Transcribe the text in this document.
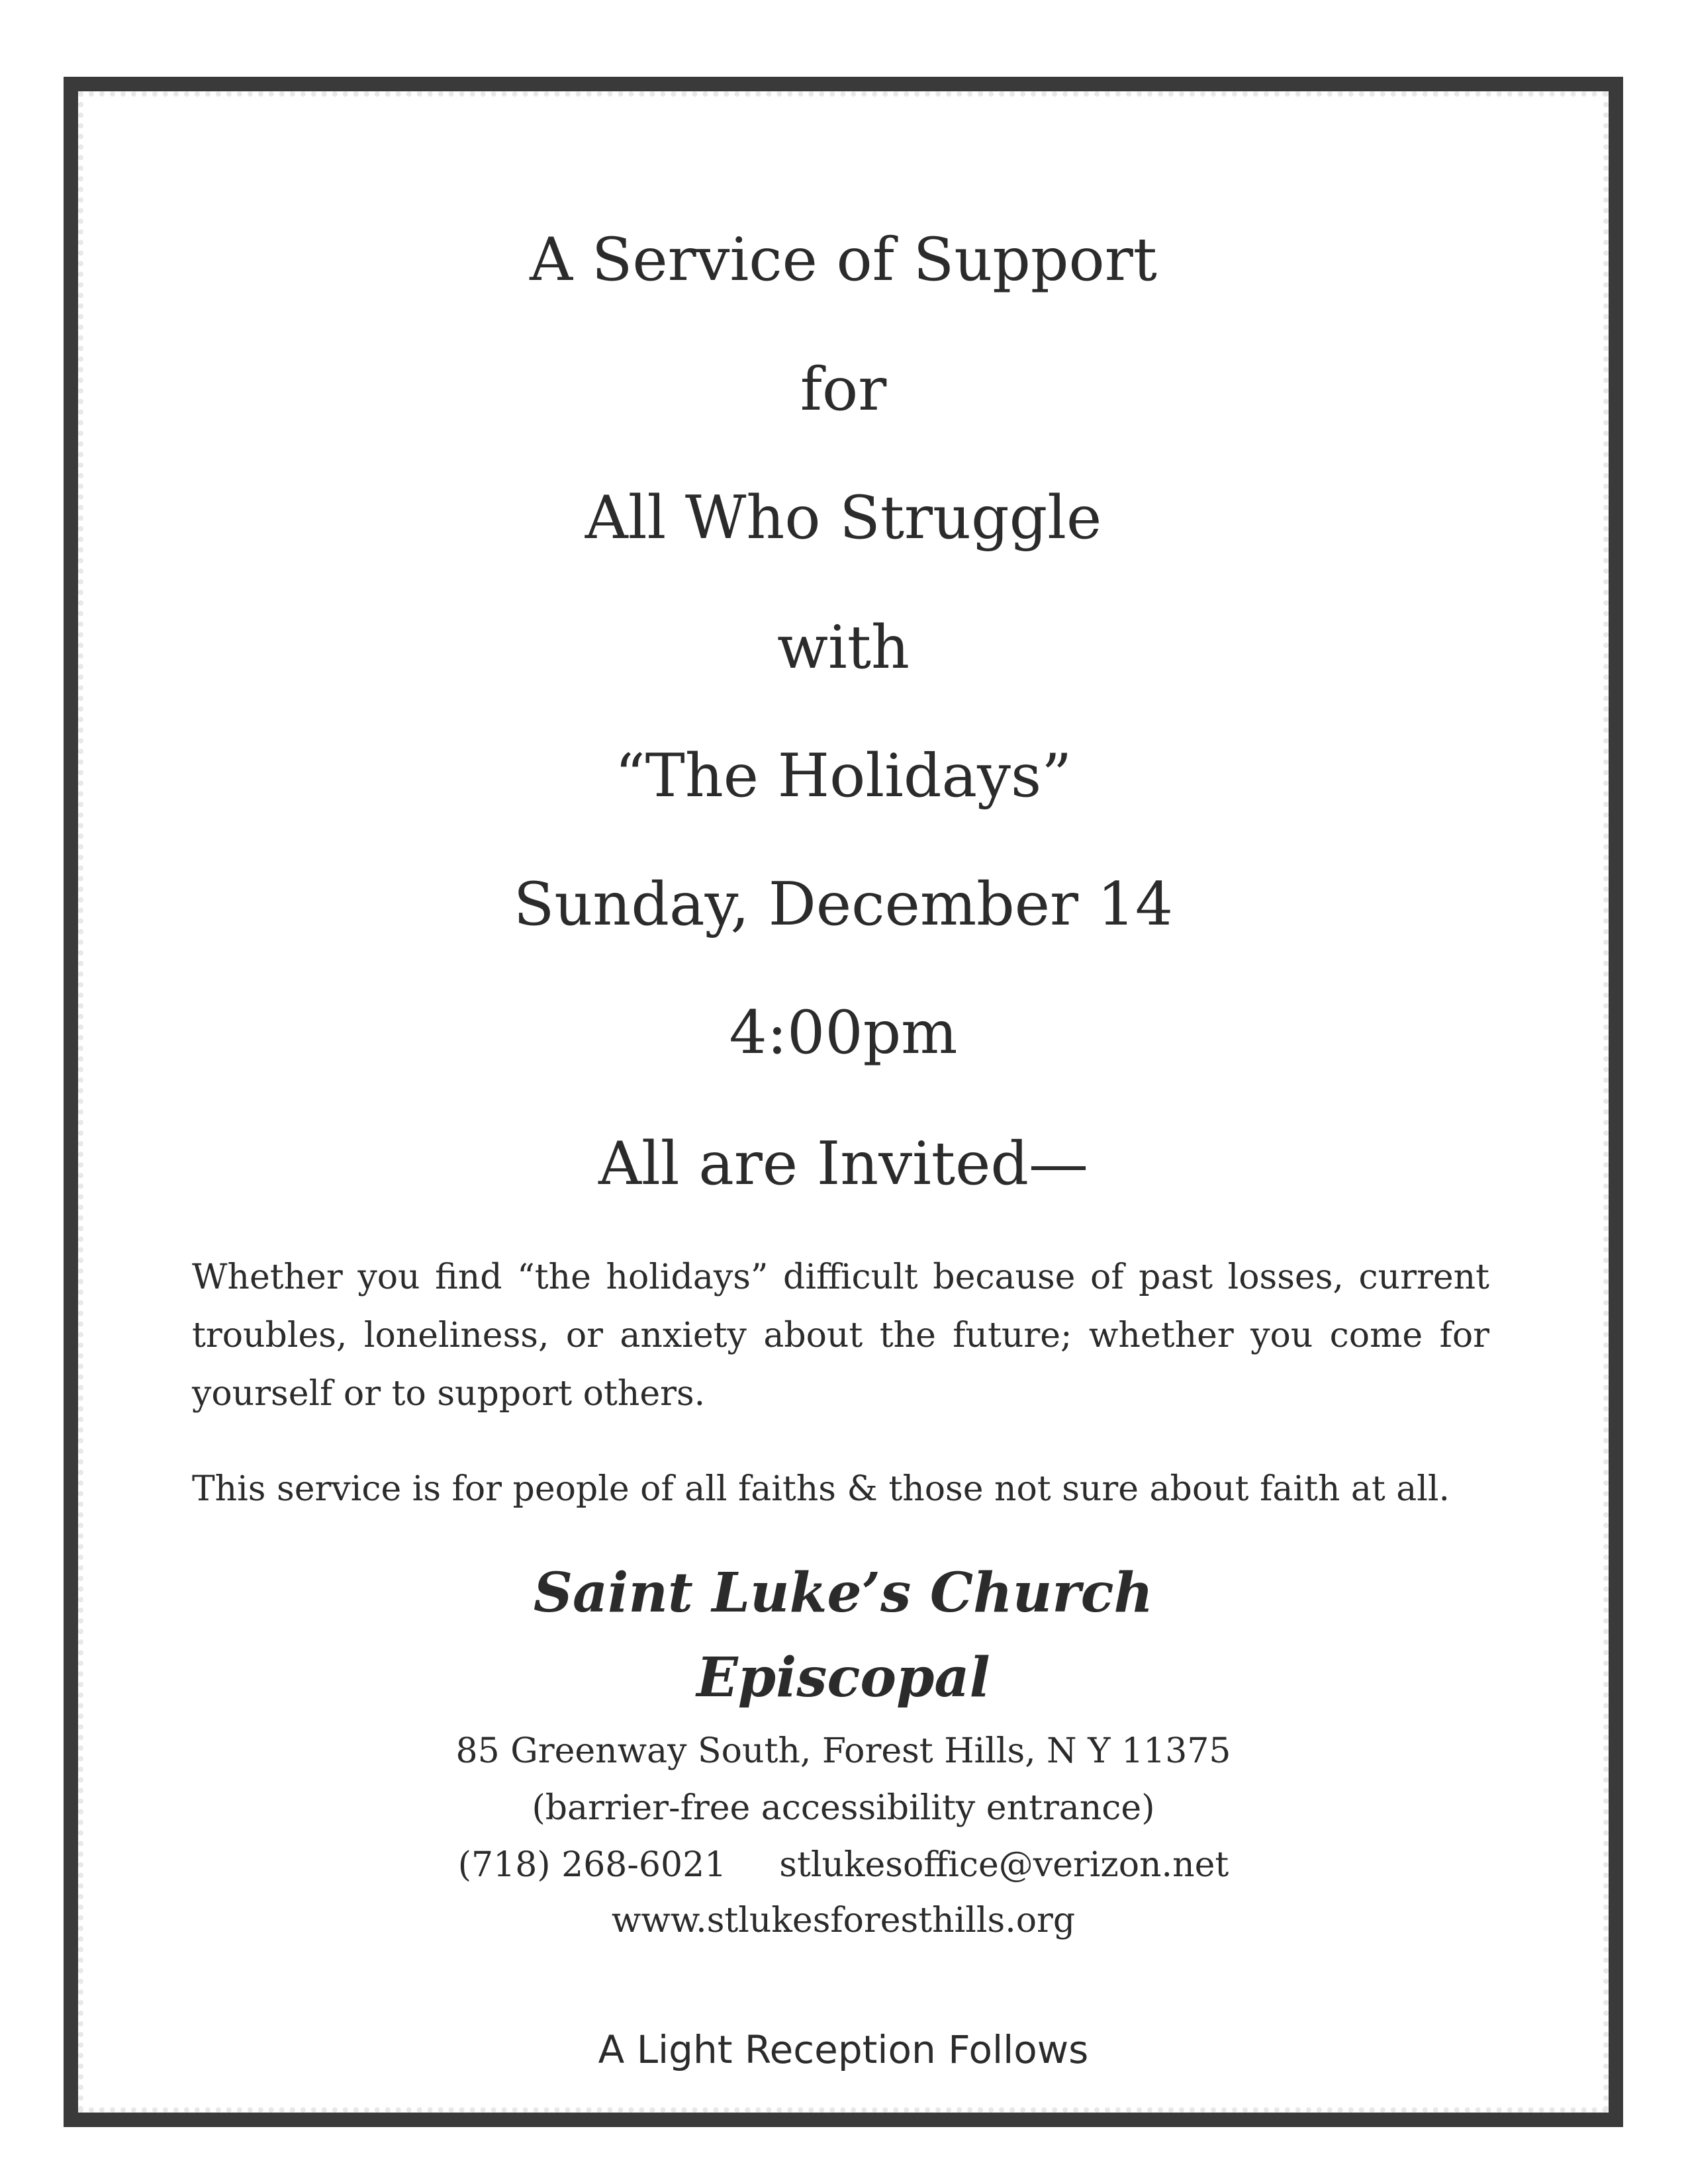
A Service of Support
for
All Who Struggle
with
“The Holidays”
Sunday, December 14
4:00pm
All are Invited—
Whether you find “the holidays” difficult because of past losses, current troubles, loneliness, or anxiety about the future; whether you come for yourself or to support others.
This service is for people of all faiths & those not sure about faith at all.
Saint Luke’s Church
Episcopal
85 Greenway South, Forest Hills, N Y 11375
(barrier-free accessibility entrance)
(718) 268-6021 stlukesoffice@verizon.net
www.stlukesforesthills.org
A Light Reception Follows
